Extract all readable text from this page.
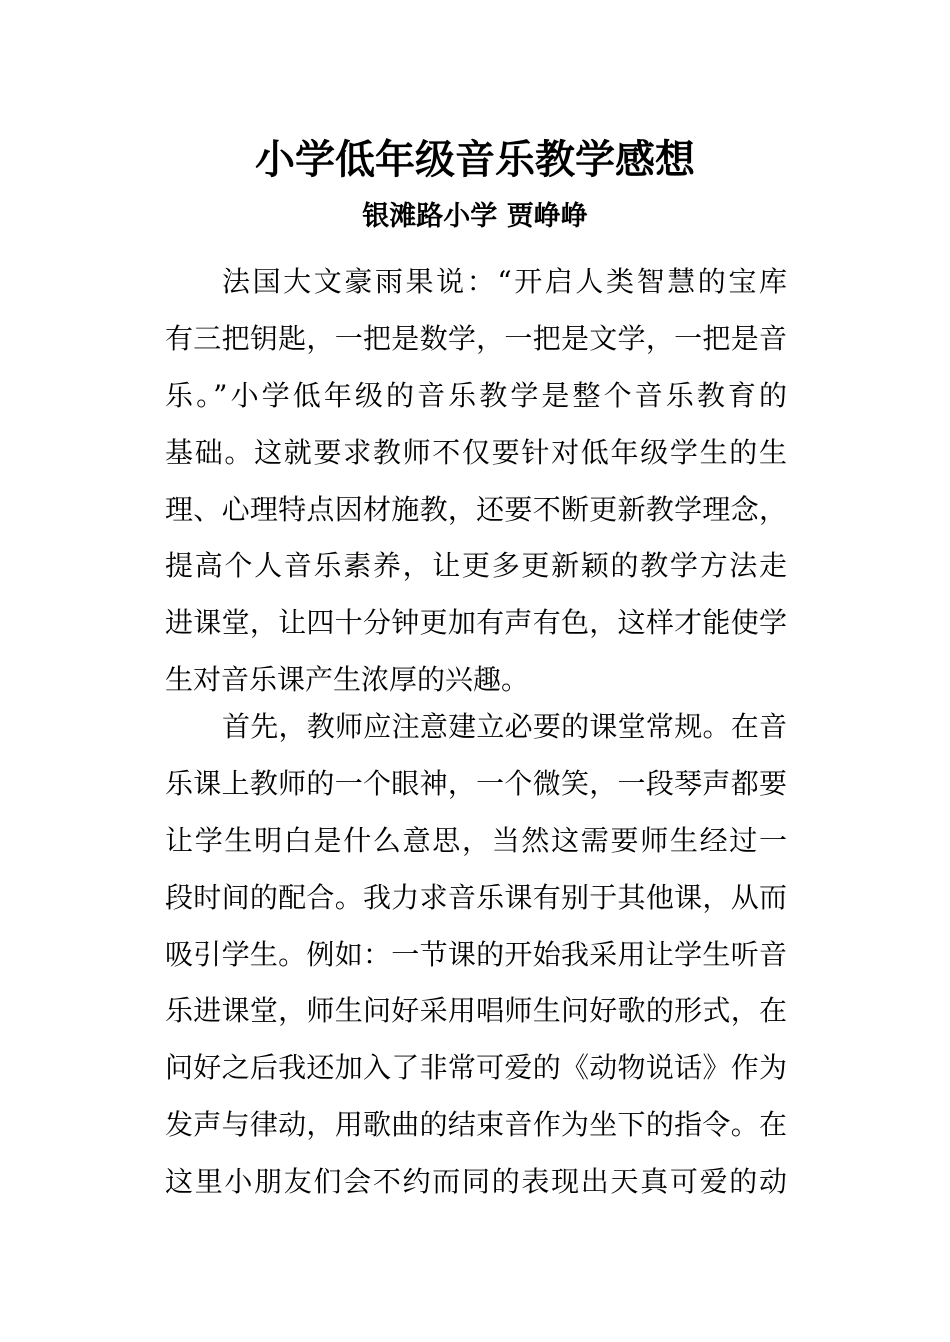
小学低年级音乐教学感想
银滩路小学 贾峥峥
法国大文豪雨果说：“开启人类智慧的宝库
有三把钥匙，一把是数学，一把是文学，一把是音
乐。”小学低年级的音乐教学是整个音乐教育的
基础。这就要求教师不仅要针对低年级学生的生
理、心理特点因材施教，还要不断更新教学理念，
提高个人音乐素养，让更多更新颖的教学方法走
进课堂，让四十分钟更加有声有色，这样才能使学
生对音乐课产生浓厚的兴趣。
首先，教师应注意建立必要的课堂常规。在音
乐课上教师的一个眼神，一个微笑，一段琴声都要
让学生明白是什么意思，当然这需要师生经过一
段时间的配合。我力求音乐课有别于其他课，从而
吸引学生。例如：一节课的开始我采用让学生听音
乐进课堂，师生问好采用唱师生问好歌的形式，在
问好之后我还加入了非常可爱的《动物说话》作为
发声与律动，用歌曲的结束音作为坐下的指令。在
这里小朋友们会不约而同的表现出天真可爱的动
